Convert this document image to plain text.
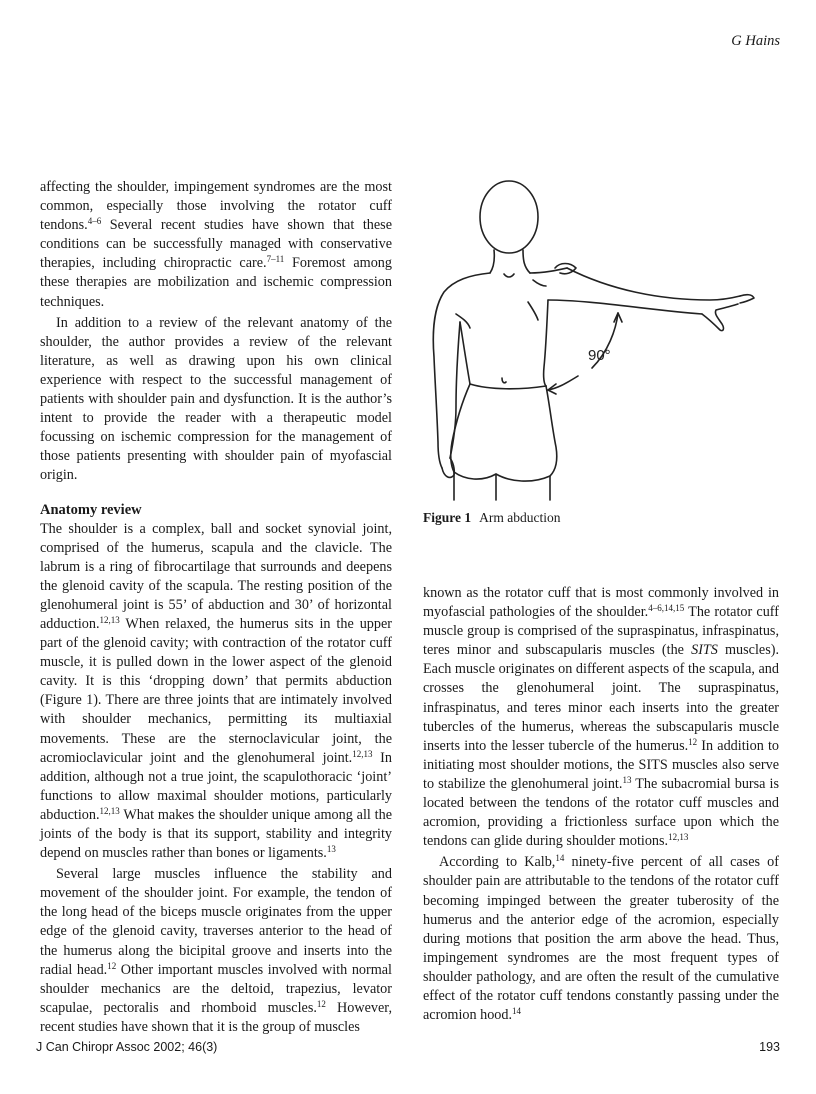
G Hains

affecting the shoulder, impingement syndromes are the most common, especially those involving the rotator cuff tendons.$^{4-6}$ Several recent studies have shown that these conditions can be successfully managed with conservative therapies, including chiropractic care.$^{7-11}$ Foremost among these therapies are mobilization and ischemic compression techniques.

In addition to a review of the relevant anatomy of the shoulder, the author provides a review of the relevant literature, as well as drawing upon his own clinical experience with respect to the successful management of patients with shoulder pain and dysfunction. It is the author’s intent to provide the reader with a therapeutic model focussing on ischemic compression for the management of those patients presenting with shoulder pain of myofascial origin.

Anatomy review

The shoulder is a complex, ball and socket synovial joint, comprised of the humerus, scapula and the clavicle. The labrum is a ring of fibrocartilage that surrounds and deepens the glenoid cavity of the scapula. The resting position of the glenohumeral joint is 55’ of abduction and 30’ of horizontal adduction.$^{12,13}$ When relaxed, the humerus sits in the upper part of the glenoid cavity; with contraction of the rotator cuff muscle, it is pulled down in the lower aspect of the glenoid cavity. It is this ‘dropping down’ that permits abduction (Figure 1). There are three joints that are intimately involved with shoulder mechanics, permitting its multiaxial movements. These are the sternoclavicular joint, the acromioclavicular joint and the glenohumeral joint.$^{12,13}$ In addition, although not a true joint, the scapulothoracic ‘joint’ functions to allow maximal shoulder motions, particularly abduction.$^{12,13}$ What makes the shoulder unique among all the joints of the body is that its support, stability and integrity depend on muscles rather than bones or ligaments.$^{13}$

Several large muscles influence the stability and movement of the shoulder joint. For example, the tendon of the long head of the biceps muscle originates from the upper edge of the glenoid cavity, traverses anterior to the head of the humerus along the bicipital groove and inserts into the radial head.$^{12}$ Other important muscles involved with normal shoulder mechanics are the deltoid, trapezius, levator scapulae, pectoralis and rhomboid muscles.$^{12}$ However, recent studies have shown that it is the group of muscles

90°
Figure 1 Arm abduction

known as the rotator cuff that is most commonly involved in myofascial pathologies of the shoulder.$^{4-6,14,15}$ The rotator cuff muscle group is comprised of the supraspinatus, infraspinatus, teres minor and subscapularis muscles (the SITS muscles). Each muscle originates on different aspects of the scapula, and crosses the glenohumeral joint. The supraspinatus, infraspinatus, and teres minor each inserts into the greater tubercles of the humerus, whereas the subscapularis muscle inserts into the lesser tubercle of the humerus.$^{12}$ In addition to initiating most shoulder motions, the SITS muscles also serve to stabilize the glenohumeral joint.$^{13}$ The subacromial bursa is located between the tendons of the rotator cuff muscles and acromion, providing a frictionless surface upon which the tendons can glide during shoulder motions.$^{12,13}$

According to Kalb,$^{14}$ ninety-five percent of all cases of shoulder pain are attributable to the tendons of the rotator cuff becoming impinged between the greater tuberosity of the humerus and the anterior edge of the acromion, especially during motions that position the arm above the head. Thus, impingement syndromes are the most frequent types of shoulder pathology, and are often the result of the cumulative effect of the rotator cuff tendons constantly passing under the acromion hood.$^{14}$

J Can Chiropr Assoc 2002; 46(3)	193
